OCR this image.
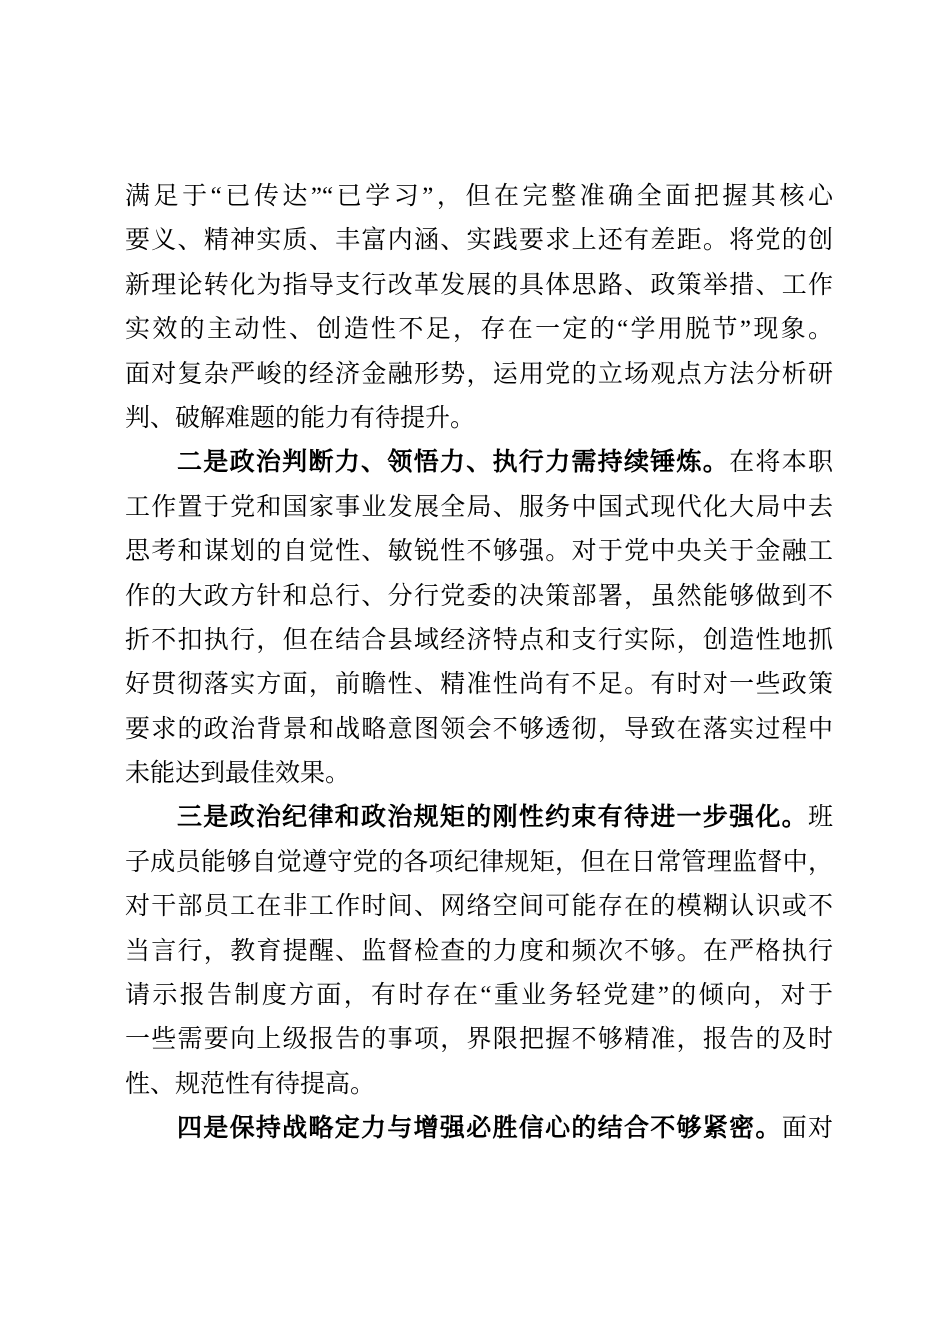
满足于“已传达”“已学习”，但在完整准确全面把握其核心
要义、精神实质、丰富内涵、实践要求上还有差距。将党的创
新理论转化为指导支行改革发展的具体思路、政策举措、工作
实效的主动性、创造性不足，存在一定的“学用脱节”现象。
面对复杂严峻的经济金融形势，运用党的立场观点方法分析研
判、破解难题的能力有待提升。
二是政治判断力、领悟力、执行力需持续锤炼。在将本职
工作置于党和国家事业发展全局、服务中国式现代化大局中去
思考和谋划的自觉性、敏锐性不够强。对于党中央关于金融工
作的大政方针和总行、分行党委的决策部署，虽然能够做到不
折不扣执行，但在结合县域经济特点和支行实际，创造性地抓
好贯彻落实方面，前瞻性、精准性尚有不足。有时对一些政策
要求的政治背景和战略意图领会不够透彻，导致在落实过程中
未能达到最佳效果。
三是政治纪律和政治规矩的刚性约束有待进一步强化。班
子成员能够自觉遵守党的各项纪律规矩，但在日常管理监督中，
对干部员工在非工作时间、网络空间可能存在的模糊认识或不
当言行，教育提醒、监督检查的力度和频次不够。在严格执行
请示报告制度方面，有时存在“重业务轻党建”的倾向，对于
一些需要向上级报告的事项，界限把握不够精准，报告的及时
性、规范性有待提高。
四是保持战略定力与增强必胜信心的结合不够紧密。面对
